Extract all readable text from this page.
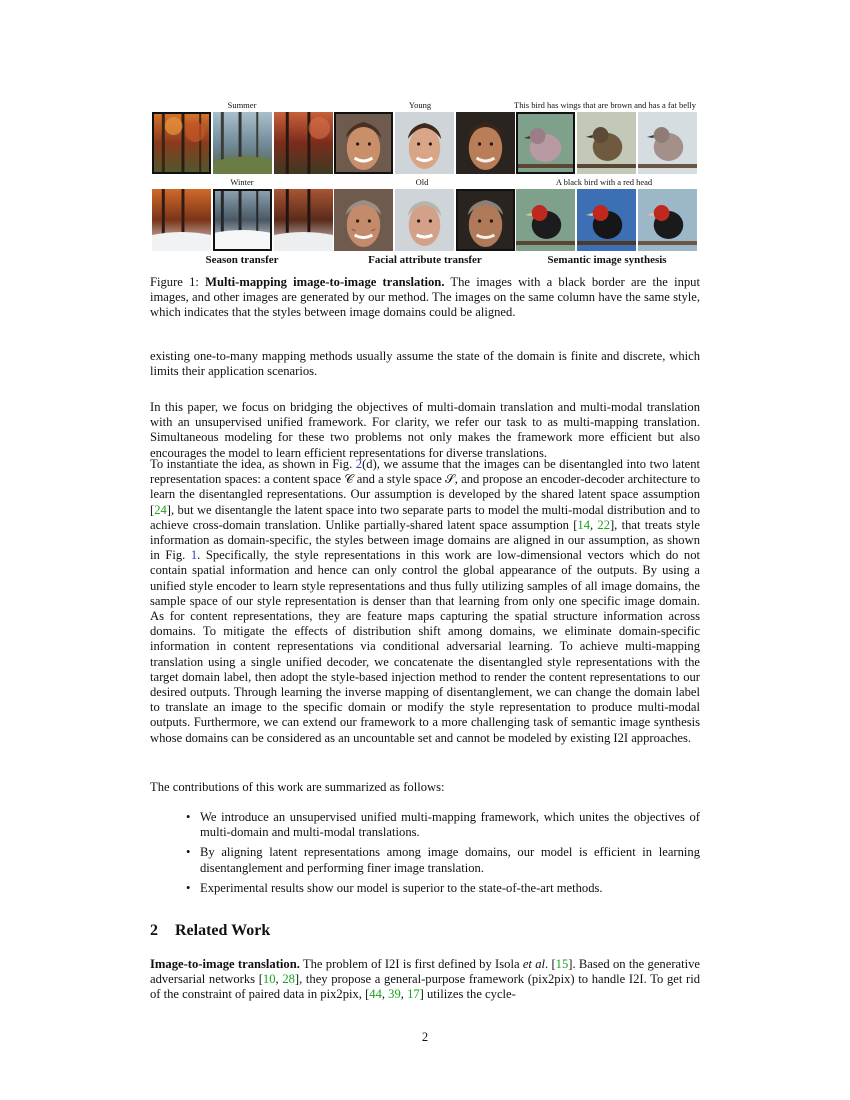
Summer	Young	This bird has wings that are brown and has a fat belly
Winter	Old	A black bird with a red head
Season transfer	Facial attribute transfer	Semantic image synthesis
Figure 1: Multi-mapping image-to-image translation. The images with a black border are the input images, and other images are generated by our method. The images on the same column have the same style, which indicates that the styles between image domains could be aligned.

existing one-to-many mapping methods usually assume the state of the domain is finite and discrete, which limits their application scenarios.

In this paper, we focus on bridging the objectives of multi-domain translation and multi-modal translation with an unsupervised unified framework. For clarity, we refer our task to as multi-mapping translation. Simultaneous modeling for these two problems not only makes the framework more efficient but also encourages the model to learn efficient representations for diverse translations.

To instantiate the idea, as shown in Fig. 2(d), we assume that the images can be disentangled into two latent representation spaces: a content space 𝒞 and a style space 𝒮, and propose an encoder-decoder architecture to learn the disentangled representations. Our assumption is developed by the shared latent space assumption [24], but we disentangle the latent space into two separate parts to model the multi-modal distribution and to achieve cross-domain translation. Unlike partially-shared latent space assumption [14, 22], that treats style information as domain-specific, the styles between image domains are aligned in our assumption, as shown in Fig. 1. Specifically, the style representations in this work are low-dimensional vectors which do not contain spatial information and hence can only control the global appearance of the outputs. By using a unified style encoder to learn style representations and thus fully utilizing samples of all image domains, the sample space of our style representation is denser than that learning from only one specific image domain. As for content representations, they are feature maps capturing the spatial structure information across domains. To mitigate the effects of distribution shift among domains, we eliminate domain-specific information in content representations via conditional adversarial learning. To achieve multi-mapping translation using a single unified decoder, we concatenate the disentangled style representations with the target domain label, then adopt the style-based injection method to render the content representations to our desired outputs. Through learning the inverse mapping of disentanglement, we can change the domain label to translate an image to the specific domain or modify the style representation to produce multi-modal outputs. Furthermore, we can extend our framework to a more challenging task of semantic image synthesis whose domains can be considered as an uncountable set and cannot be modeled by existing I2I approaches.

The contributions of this work are summarized as follows:

• We introduce an unsupervised unified multi-mapping framework, which unites the objectives of multi-domain and multi-modal translations.
• By aligning latent representations among image domains, our model is efficient in learning disentanglement and performing finer image translation.
• Experimental results show our model is superior to the state-of-the-art methods.
2 Related Work

Image-to-image translation. The problem of I2I is first defined by Isola et al. [15]. Based on the generative adversarial networks [10, 28], they propose a general-purpose framework (pix2pix) to handle I2I. To get rid of the constraint of paired data in pix2pix, [44, 39, 17] utilizes the cycle-

2
